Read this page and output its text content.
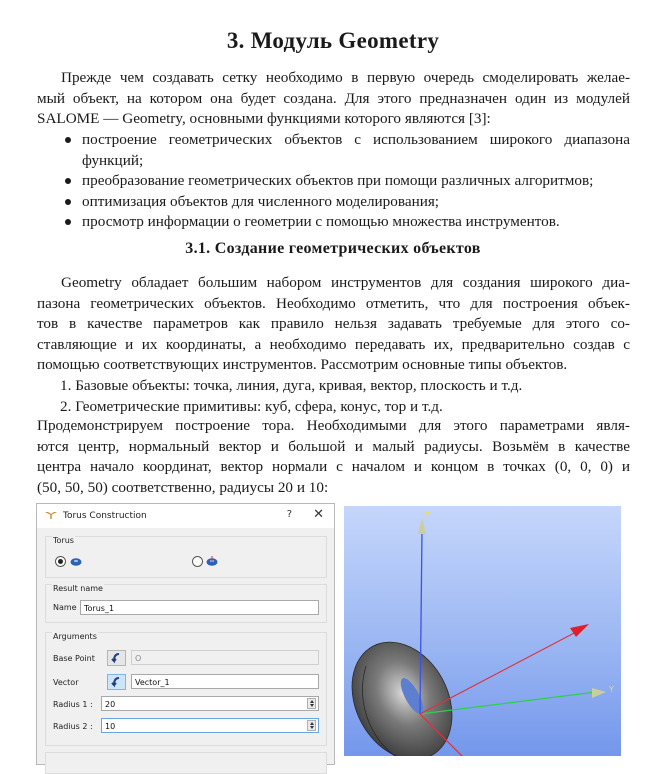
3. Модуль Geometry
Прежде чем создавать сетку необходимо в первую очередь смоделировать желае-
мый объект, на котором она будет создана. Для этого предназначен один из модулей
SALOME — Geometry, основными функциями которого являются [3]:
построение геометрических объектов с использованием широкого диапазона
функций;
преобразование геометрических объектов при помощи различных алгоритмов;
оптимизация объектов для численного моделирования;
просмотр информации о геометрии с помощью множества инструментов.
3.1. Создание геометрических объектов
Geometry обладает большим набором инструментов для создания широкого диа-
пазона геометрических объектов. Необходимо отметить, что для построения объек-
тов в качестве параметров как правило нельзя задавать требуемые для этого со-
ставляющие и их координаты, а необходимо передавать их, предварительно создав с
помощью соответствующих инструментов. Рассмотрим основные типы объектов.
1. Базовые объекты: точка, линия, дуга, кривая, вектор, плоскость и т.д.
2. Геометрические примитивы: куб, сфера, конус, тор и т.д.
Продемонстрируем построение тора. Необходимыми для этого параметрами явля-
ются центр, нормальный вектор и большой и малый радиусы. Возьмём в качестве
центра начало координат, вектор нормали с началом и концом в точках (0, 0, 0) и
(50, 50, 50) соответственно, радиусы 20 и 10:
Torus Construction	? ✕
Torus
Result name
Name Torus_1
Arguments
Base Point	O
Vector	Vector_1
Radius 1 :	20
Radius 2 :	10
Z
Y
